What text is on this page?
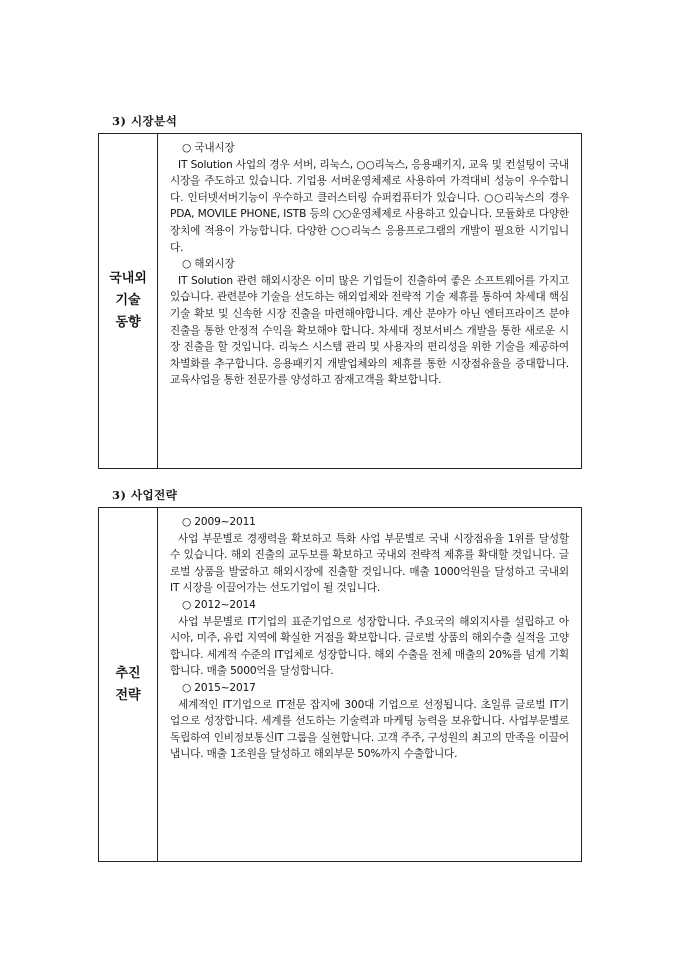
3) 시장분석
국내외
기술
동향

○ 국내시장

IT Solution 사업의 경우 서버, 리눅스, ○○리눅스, 응용패키지, 교육 및 컨설팅이 국내시장을 주도하고 있습니다. 기업용 서버운영체제로 사용하여 가격대비 성능이 우수합니다. 인터넷서버기능이 우수하고 클러스터링 슈퍼컴퓨터가 있습니다. ○○리눅스의 경우 PDA, MOVILE PHONE, ISTB 등의 ○○운영체제로 사용하고 있습니다. 모듈화로 다양한 장치에 적용이 가능합니다. 다양한 ○○리눅스 응용프로그램의 개발이 필요한 시기입니다.

○ 해외시장

IT Solution 관련 해외시장은 이미 많은 기업들이 진출하여 좋은 소프트웨어를 가지고 있습니다. 관련분야 기술을 선도하는 해외업체와 전략적 기술 제휴를 통하여 차세대 핵심 기술 확보 및 신속한 시장 진출을 마련해야합니다. 계산 분야가 아닌 엔터프라이즈 분야 진출을 통한 안정적 수익을 확보해야 합니다. 차세대 정보서비스 개발을 통한 새로운 시장 진출을 할 것입니다. 리눅스 시스템 관리 및 사용자의 편리성을 위한 기술을 제공하여 차별화를 추구합니다. 응용패키지 개발업체와의 제휴를 통한 시장점유율을 증대합니다. 교육사업을 통한 전문가를 양성하고 잠재고객을 확보합니다.

3) 사업전략
추진
전략

○ 2009~2011

사업 부문별로 경쟁력을 확보하고 특화 사업 부문별로 국내 시장점유율 1위를 달성할 수 있습니다. 해외 진출의 교두보를 확보하고 국내외 전략적 제휴를 확대할 것입니다. 글로벌 상품을 발굴하고 해외시장에 진출할 것입니다. 매출 1000억원을 달성하고 국내외 IT 시장을 이끌어가는 선도기업이 될 것입니다.

○ 2012~2014

사업 부문별로 IT기업의 표준기업으로 성장합니다. 주요국의 해외지사를 설립하고 아시아, 미주, 유럽 지역에 확실한 거점을 확보합니다. 글로벌 상품의 해외수출 실적을 고양합니다. 세계적 수준의 IT업체로 성장합니다. 해외 수출을 전체 매출의 20%를 넘게 기획합니다. 매출 5000억을 달성합니다.

○ 2015~2017

세계적인 IT기업으로 IT전문 잡지에 300대 기업으로 선정됩니다. 초일류 글로벌 IT기업으로 성장합니다. 세계를 선도하는 기술력과 마케팅 능력을 보유합니다. 사업부문별로 독립하여 인비정보통신IT 그룹을 실현합니다. 고객 주주, 구성원의 최고의 만족을 이끌어냅니다. 매출 1조원을 달성하고 해외부문 50%까지 수출합니다.
